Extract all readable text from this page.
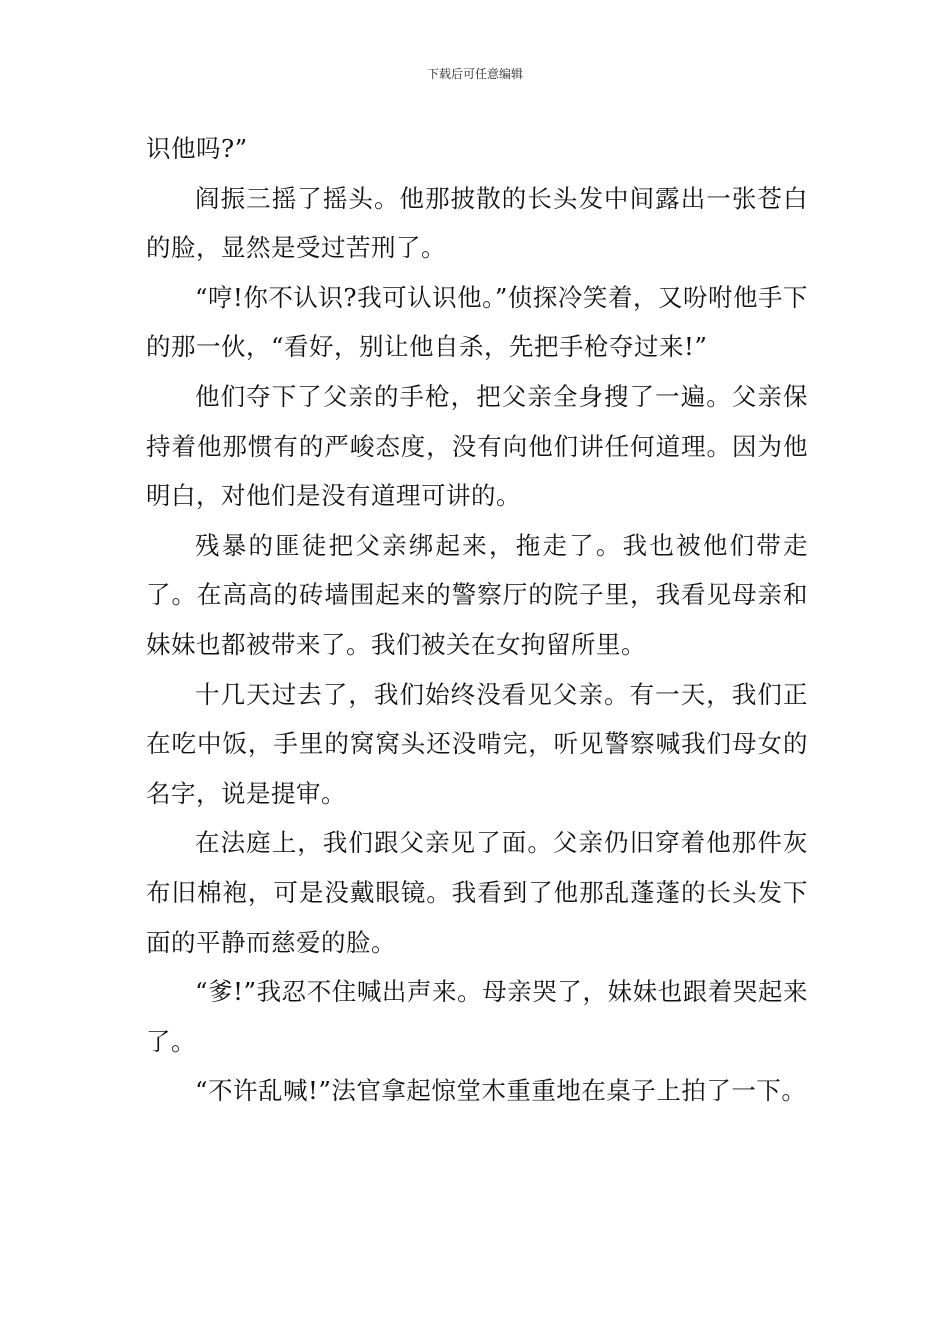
下载后可任意编辑

识他吗?”

阎振三摇了摇头。他那披散的长头发中间露出一张苍白的脸，显然是受过苦刑了。

“哼!你不认识?我可认识他。”侦探冷笑着，又吩咐他手下的那一伙，“看好，别让他自杀，先把手枪夺过来!”

他们夺下了父亲的手枪，把父亲全身搜了一遍。父亲保持着他那惯有的严峻态度，没有向他们讲任何道理。因为他明白，对他们是没有道理可讲的。

残暴的匪徒把父亲绑起来，拖走了。我也被他们带走了。在高高的砖墙围起来的警察厅的院子里，我看见母亲和妹妹也都被带来了。我们被关在女拘留所里。

十几天过去了，我们始终没看见父亲。有一天，我们正在吃中饭，手里的窝窝头还没啃完，听见警察喊我们母女的名字，说是提审。

在法庭上，我们跟父亲见了面。父亲仍旧穿着他那件灰布旧棉袍，可是没戴眼镜。我看到了他那乱蓬蓬的长头发下面的平静而慈爱的脸。

“爹!”我忍不住喊出声来。母亲哭了，妹妹也跟着哭起来了。

“不许乱喊!”法官拿起惊堂木重重地在桌子上拍了一下。
